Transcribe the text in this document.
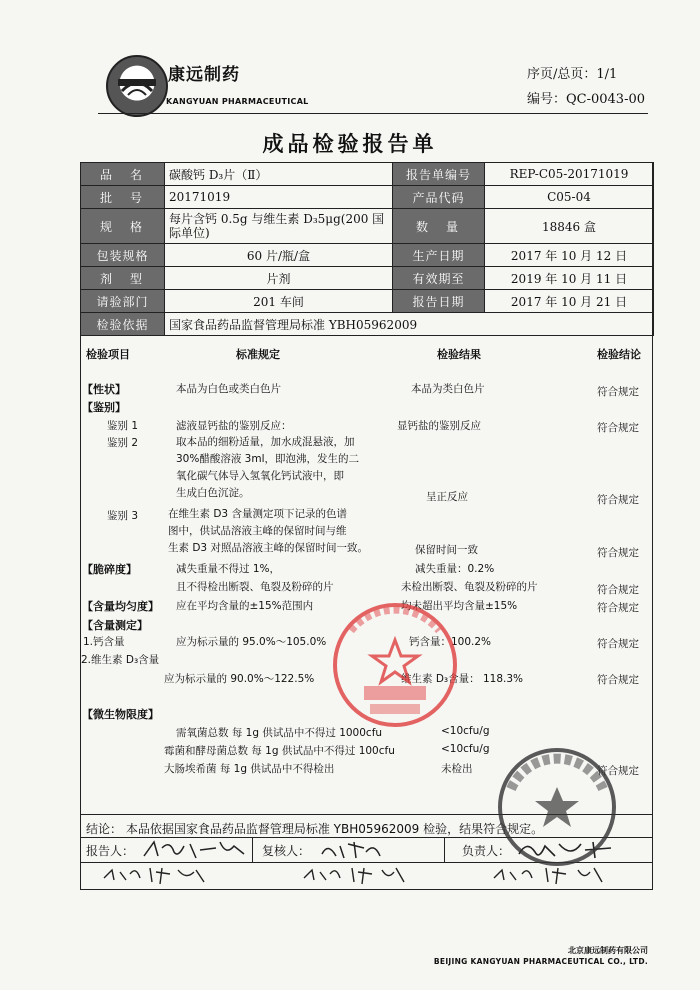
康远制药
KANGYUAN PHARMACEUTICAL
序页/总页：1/1
编号：QC-0043-00
成品检验报告单
品　名	碳酸钙 D₃片（Ⅱ）	报告单编号	REP-C05-20171019
批　号	20171019	产品代码	C05-04
规　格	每片含钙 0.5g 与维生素 D₃5μg(200 国际单位)	数　量	18846 盒
包装规格	60 片/瓶/盒	生产日期	2017 年 10 月 12 日
剂　型	片剂	有效期至	2019 年 10 月 11 日
请验部门	201 车间	报告日期	2017 年 10 月 21 日
检验依据	国家食品药品监督管理局标准 YBH05962009		
检验项目	标准规定	检验结果	检验结论
【性状】	本品为白色或类白色片	本品为类白色片	符合规定
【鉴别】
鉴别 1	滤液显钙盐的鉴别反应：	显钙盐的鉴别反应	符合规定
鉴别 2	取本品的细粉适量，加水成混悬液，加
30%醋酸溶液 3ml，即泡沸，发生的二
氧化碳气体导入氢氧化钙试液中，即
生成白色沉淀。	呈正反应	符合规定
鉴别 3	在维生素 D3 含量测定项下记录的色谱
图中，供试品溶液主峰的保留时间与维
生素 D3 对照品溶液主峰的保留时间一致。	保留时间一致	符合规定
【脆碎度】	减失重量不得过 1%，	减失重量：0.2%
且不得检出断裂、龟裂及粉碎的片	未检出断裂、龟裂及粉碎的片	符合规定
【含量均匀度】 应在平均含量的±15%范围内	均未超出平均含量±15%	符合规定
【含量测定】
1.钙含量	应为标示量的 95.0%～105.0%	钙含量：100.2%	符合规定
2.维生素 D₃含量
应为标示量的 90.0%～122.5%	维生素 D₃含量： 118.3%	符合规定
【微生物限度】
需氧菌总数 每 1g 供试品中不得过 1000cfu	<10cfu/g
霉菌和酵母菌总数 每 1g 供试品中不得过 100cfu	<10cfu/g
大肠埃希菌 每 1g 供试品中不得检出	未检出	符合规定
结论： 本品依据国家食品药品监督管理局标准 YBH05962009 检验，结果符合规定。
报告人：	复核人：	负责人：
北京康远制药有限公司
BEIJING KANGYUAN PHARMACEUTICAL CO., LTD.
